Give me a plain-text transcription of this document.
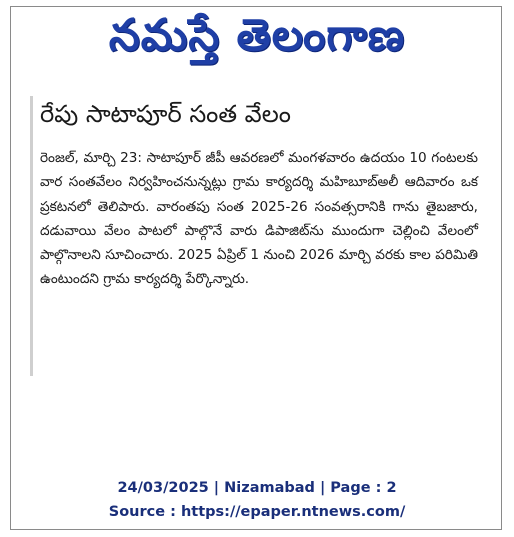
నమస్తే తెలంగాణ
రేపు సాటాపూర్ సంత వేలం

రెంజల్, మార్చి 23: సాటాపూర్ జీపీ ఆవరణలో మంగళవారం ఉదయం 10 గంటలకు వార సంతవేలం నిర్వహించనున్నట్లు గ్రామ కార్యదర్శి మహిబూబ్‌అలీ ఆదివారం ఒక ప్రకటనలో తెలిపారు. వారంతపు సంత 2025-26 సంవత్సరానికి గాను తైబజారు, దడువాయి వేలం పాటలో పాల్గొనే వారు డిపాజిట్‌ను ముందుగా చెల్లించి వేలంలో పాల్గొనాలని సూచించారు. 2025 ఏప్రిల్ 1 నుంచి 2026 మార్చి వరకు కాల పరిమితి ఉంటుందని గ్రామ కార్యదర్శి పేర్కొన్నారు.

24/03/2025 | Nizamabad | Page : 2
Source : https://epaper.ntnews.com/
